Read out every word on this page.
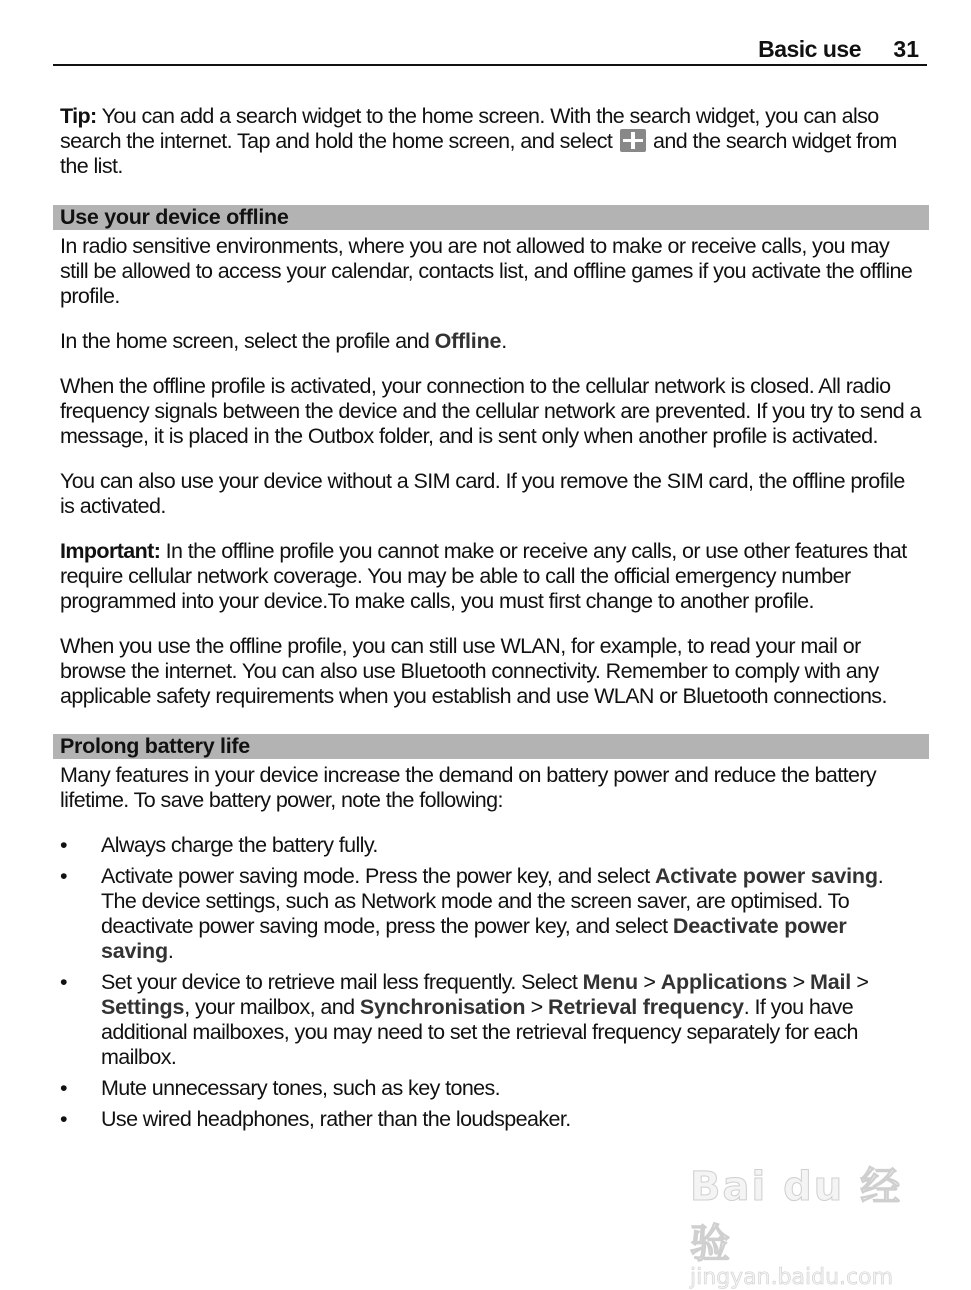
Basic use 31

Tip: You can add a search widget to the home screen. With the search widget, you can also search the internet. Tap and hold the home screen, and select  and the search widget from the list.

Use your device offline

In radio sensitive environments, where you are not allowed to make or receive calls, you may still be allowed to access your calendar, contacts list, and offline games if you activate the offline profile.

In the home screen, select the profile and Offline.

When the offline profile is activated, your connection to the cellular network is closed. All radio frequency signals between the device and the cellular network are prevented. If you try to send a message, it is placed in the Outbox folder, and is sent only when another profile is activated.

You can also use your device without a SIM card. If you remove the SIM card, the offline profile is activated.

Important: In the offline profile you cannot make or receive any calls, or use other features that require cellular network coverage. You may be able to call the official emergency number programmed into your device.To make calls, you must first change to another profile.

When you use the offline profile, you can still use WLAN, for example, to read your mail or browse the internet. You can also use Bluetooth connectivity. Remember to comply with any applicable safety requirements when you establish and use WLAN or Bluetooth connections.

Prolong battery life

Many features in your device increase the demand on battery power and reduce the battery lifetime. To save battery power, note the following:

• Always charge the battery fully.
• Activate power saving mode. Press the power key, and select Activate power saving. The device settings, such as Network mode and the screen saver, are optimised. To deactivate power saving mode, press the power key, and select Deactivate power saving.
• Set your device to retrieve mail less frequently. Select Menu > Applications > Mail > Settings, your mailbox, and Synchronisation > Retrieval frequency. If you have additional mailboxes, you may need to set the retrieval frequency separately for each mailbox.
• Mute unnecessary tones, such as key tones.
• Use wired headphones, rather than the loudspeaker.
Bai du 经验
jingyan.baidu.com
